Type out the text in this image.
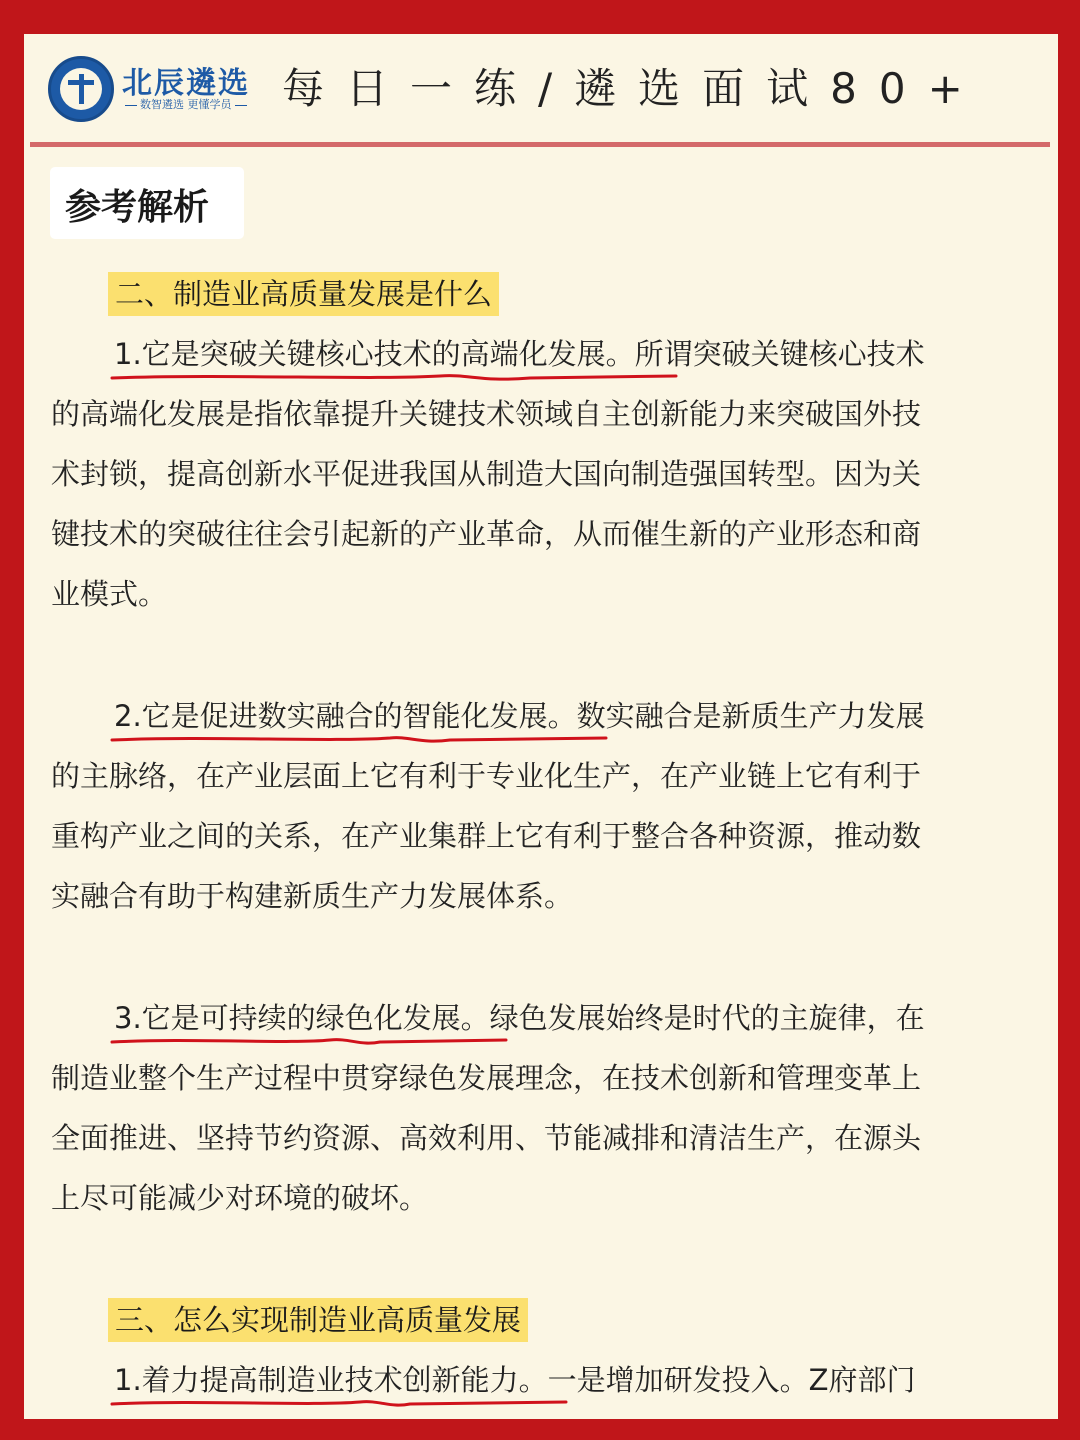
北辰遴选
数智遴选 更懂学员	每日一练/遴选面试80+
参考解析
二、制造业高质量发展是什么
1.它是突破关键核心技术的高端化发展。
所谓突破关键核心技术
的高端化发展是指依靠提升关键技术领域自主创新能力来突破国外技
术封锁，提高创新水平促进我国从制造大国向制造强国转型。因为关
键技术的突破往往会引起新的产业革命，从而催生新的产业形态和商
业模式。
2.它是促进数实融合的智能化发展。
数实融合是新质生产力发展
的主脉络，在产业层面上它有利于专业化生产，在产业链上它有利于
重构产业之间的关系，在产业集群上它有利于整合各种资源，推动数
实融合有助于构建新质生产力发展体系。
3.它是可持续的绿色化发展。
绿色发展始终是时代的主旋律，在
制造业整个生产过程中贯穿绿色发展理念，在技术创新和管理变革上
全面推进、坚持节约资源、高效利用、节能减排和清洁生产，在源头
上尽可能减少对环境的破坏。
三、怎么实现制造业高质量发展
1.着力提高制造业技术创新能力。
一是增加研发投入。Z府部门
